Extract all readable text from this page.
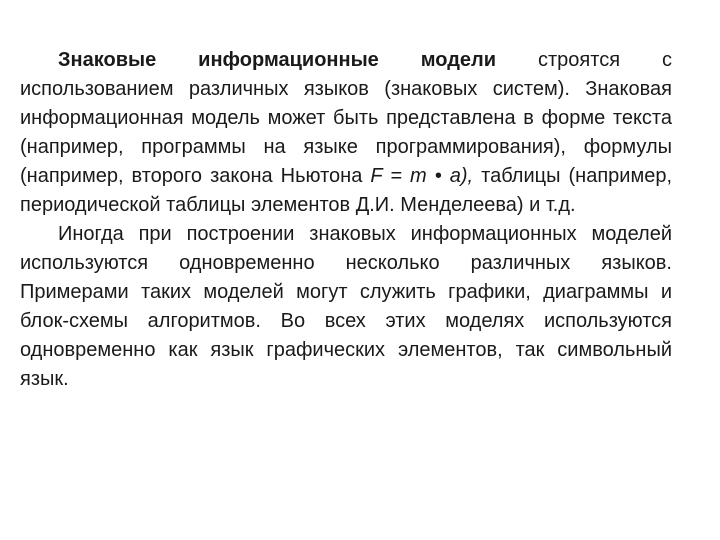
Знаковые информационные модели строятся с использованием различных языков (знаковых систем). Знаковая информационная модель может быть представлена в форме текста (например, программы на языке программирования), формулы (например, второго закона Ньютона F = m • a), таблицы (например, периодической таблицы элементов Д.И. Менделеева) и т.д.

Иногда при построении знаковых информационных моделей используются одновременно несколько различных языков. Примерами таких моделей могут служить графики, диаграммы и блок-схемы алгоритмов. Во всех этих моделях используются одновременно как язык графических элементов, так символьный язык.
